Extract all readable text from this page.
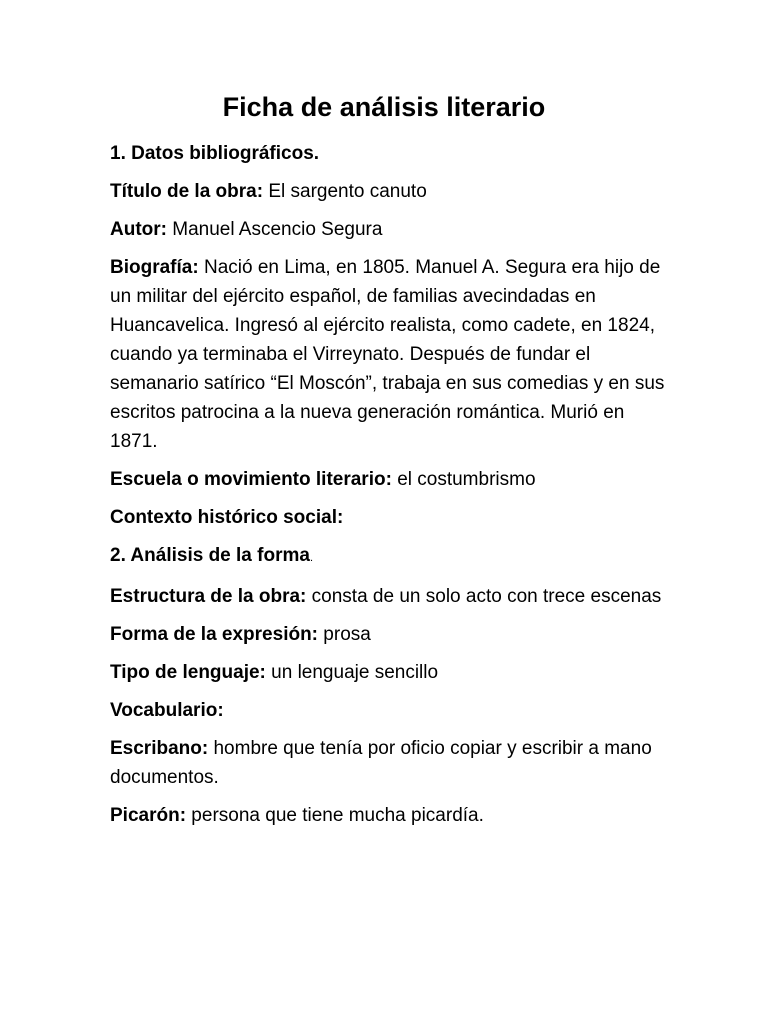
Ficha de análisis literario

1. Datos bibliográficos.

Título de la obra: El sargento canuto

Autor: Manuel Ascencio Segura

Biografía: Nació en Lima, en 1805. Manuel A. Segura era hijo de un militar del ejército español, de familias avecindadas en Huancavelica. Ingresó al ejército realista, como cadete, en 1824, cuando ya terminaba el Virreynato. Después de fundar el semanario satírico “El Moscón”, trabaja en sus comedias y en sus escritos patrocina a la nueva generación romántica. Murió en 1871.

Escuela o movimiento literario: el costumbrismo

Contexto histórico social:

2. Análisis de la forma.

Estructura de la obra: consta de un solo acto con trece escenas

Forma de la expresión: prosa

Tipo de lenguaje: un lenguaje sencillo

Vocabulario:

Escribano: hombre que tenía por oficio copiar y escribir a mano documentos.

Picarón: persona que tiene mucha picardía.
